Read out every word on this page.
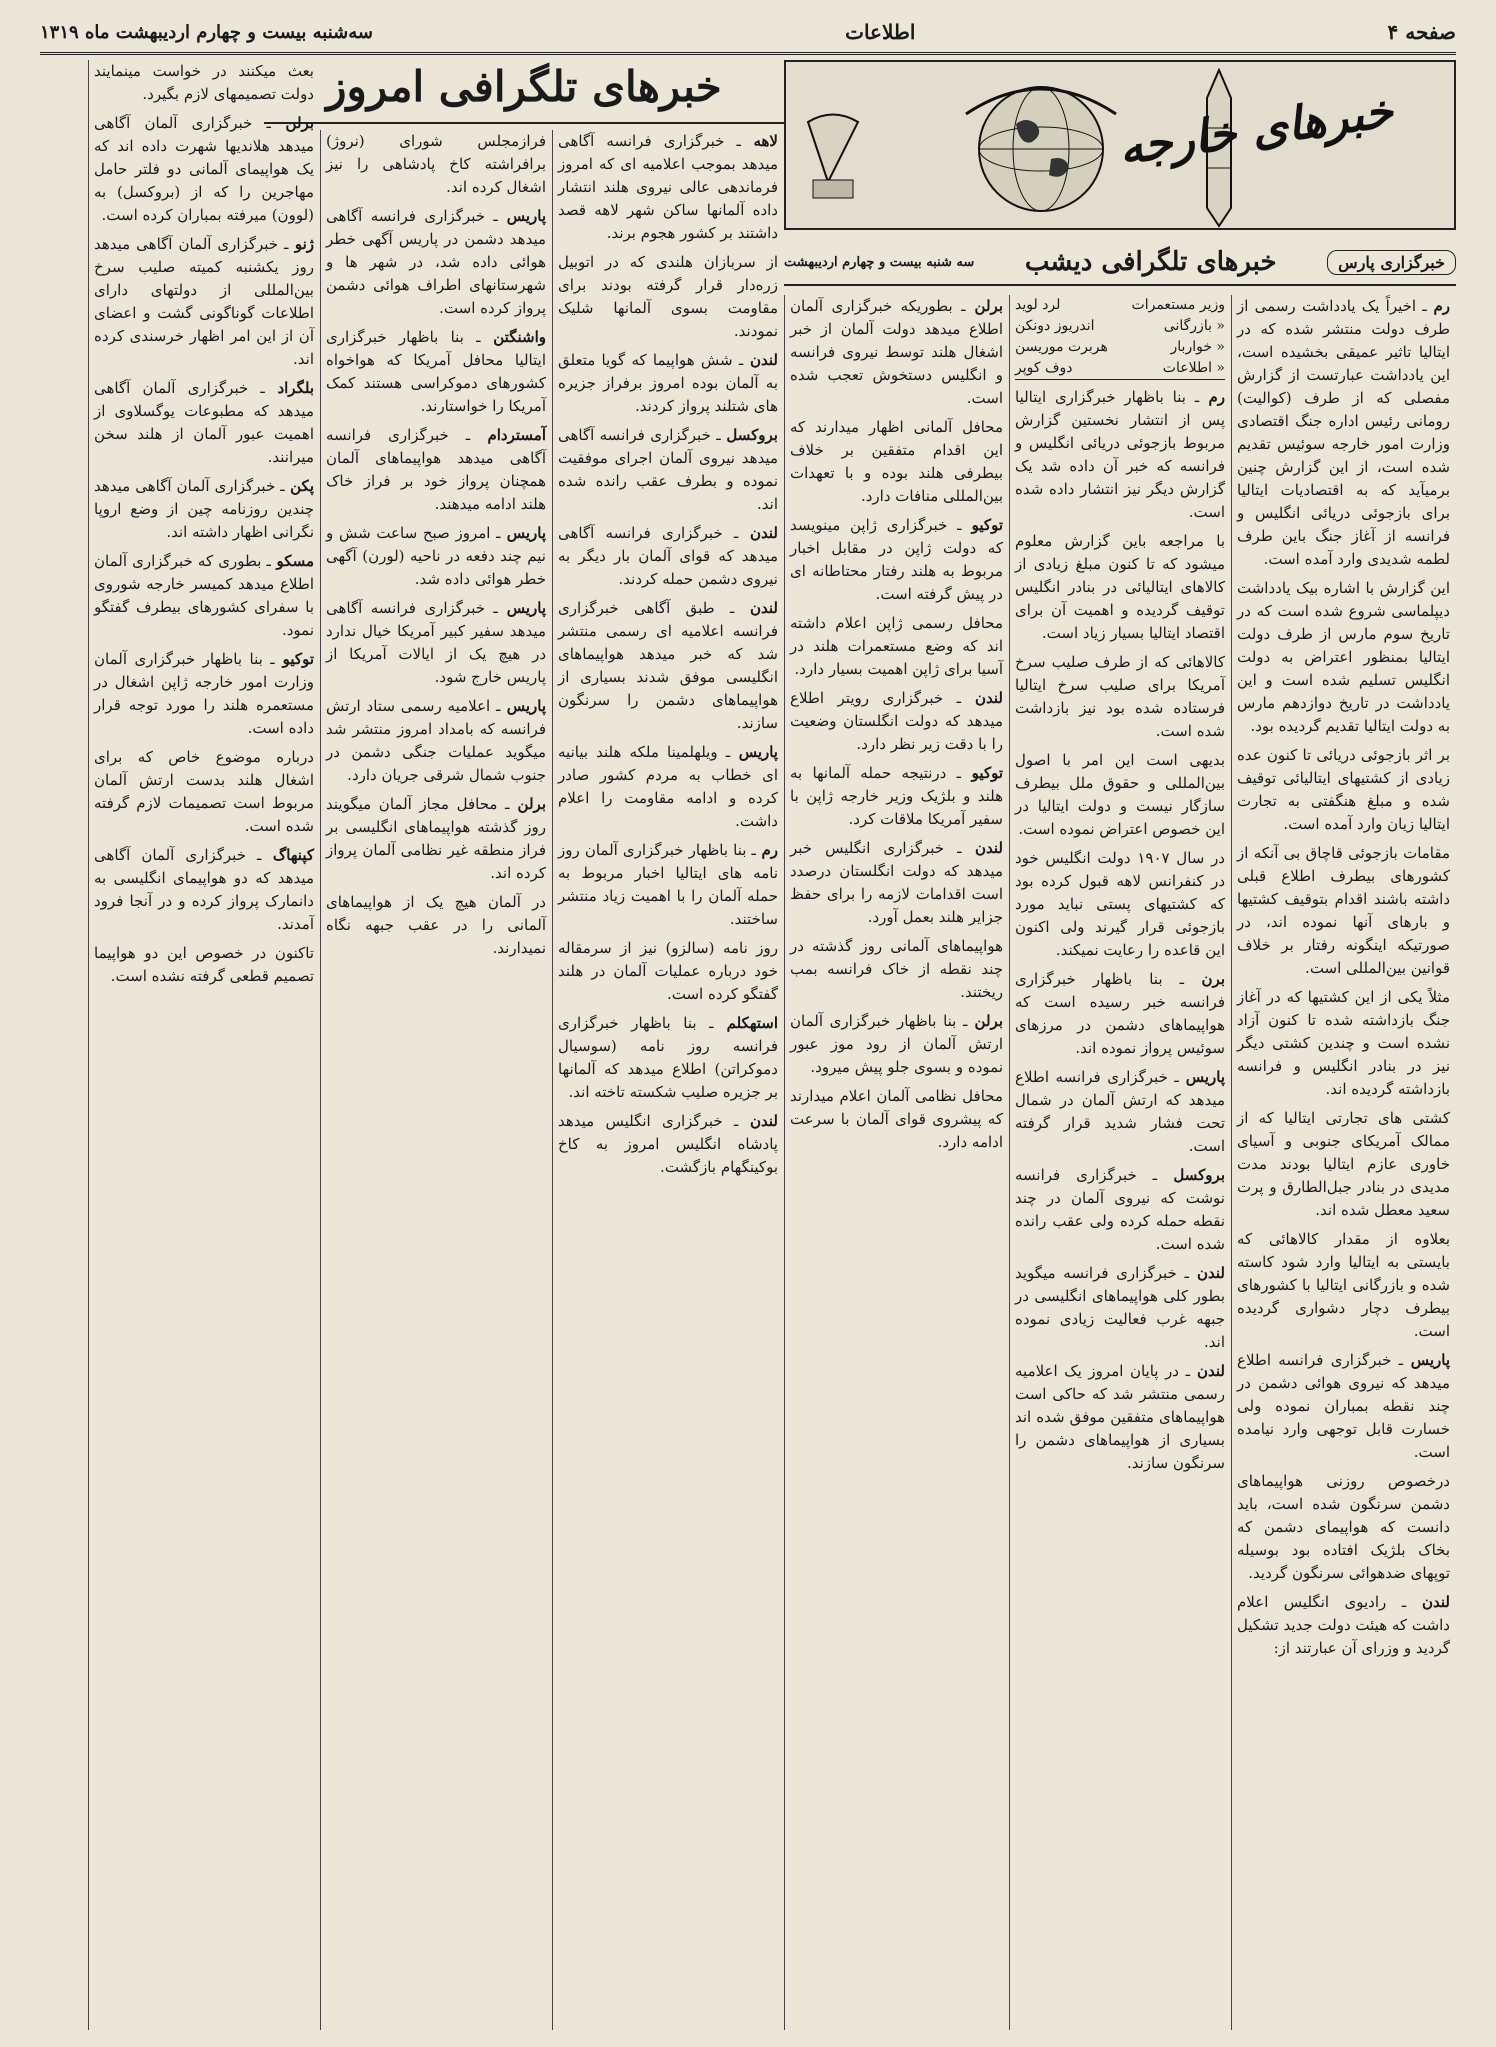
صفحه ۴
اطلاعات
سه‌شنبه بیست و چهارم اردیبهشت ماه ۱۳۱۹
خبرهای خارجه
خبرگزاری پارس
خبرهای تلگرافی دیشب
سه شنبه بیست و چهارم اردیبهشت
خبرهای تلگرافی امروز

رم ـ اخیراً یک یادداشت رسمی از طرف دولت منتشر شده که در ایتالیا تاثیر عمیقی بخشیده است، این یادداشت عبارتست از گزارش مفصلی که از طرف (کوالیت) رومانی رئیس اداره جنگ اقتصادی وزارت امور خارجه سوئیس تقدیم شده است، از این گزارش چنین برمیآید که به اقتصادیات ایتالیا برای بازجوئی دریائی انگلیس و فرانسه از آغاز جنگ باین طرف لطمه شدیدی وارد آمده است.

این گزارش با اشاره بیک یادداشت دیپلماسی شروع شده است که در تاریخ سوم مارس از طرف دولت ایتالیا بمنظور اعتراض به دولت انگلیس تسلیم شده است و این یادداشت در تاریخ دوازدهم مارس به دولت ایتالیا تقدیم گردیده بود.

بر اثر بازجوئی دریائی تا کنون عده زیادی از کشتیهای ایتالیائی توقیف شده و مبلغ هنگفتی به تجارت ایتالیا زیان وارد آمده است.

مقامات بازجوئی قاچاق بی آنکه از کشورهای بیطرف اطلاع قبلی داشته باشند اقدام بتوقیف کشتیها و بارهای آنها نموده اند، در صورتیکه اینگونه رفتار بر خلاف قوانین بین‌المللی است.

مثلاً یکی از این کشتیها که در آغاز جنگ بازداشته شده تا کنون آزاد نشده است و چندین کشتی دیگر نیز در بنادر انگلیس و فرانسه بازداشته گردیده اند.

کشتی های تجارتی ایتالیا که از ممالک آمریکای جنوبی و آسیای خاوری عازم ایتالیا بودند مدت مدیدی در بنادر جبل‌الطارق و پرت سعید معطل شده اند.

بعلاوه از مقدار کالاهائی که بایستی به ایتالیا وارد شود کاسته شده و بازرگانی ایتالیا با کشورهای بیطرف دچار دشواری گردیده است.

پاریس ـ خبرگزاری فرانسه اطلاع میدهد که نیروی هوائی دشمن در چند نقطه بمباران نموده ولی خسارت قابل توجهی وارد نیامده است.

درخصوص روزنی هواپیماهای دشمن سرنگون شده است، باید دانست که هواپیمای دشمن که بخاک بلژیک افتاده بود بوسیله توپهای ضدهوائی سرنگون گردید.

لندن ـ رادیوی انگلیس اعلام داشت که هیئت دولت جدید تشکیل گردید و وزرای آن عبارتند از:

وزیر مستعمرات
لرد لوید
« بازرگانی
اندریوز دونکن
« خواربار
هربرت موریسن
« اطلاعات
دوف کوپر

رم ـ بنا باظهار خبرگزاری ایتالیا پس از انتشار نخستین گزارش مربوط بازجوئی دریائی انگلیس و فرانسه که خبر آن داده شد یک گزارش دیگر نیز انتشار داده شده است.

با مراجعه باین گزارش معلوم میشود که تا کنون مبلغ زیادی از کالاهای ایتالیائی در بنادر انگلیس توقیف گردیده و اهمیت آن برای اقتصاد ایتالیا بسیار زیاد است.

کالاهائی که از طرف صلیب سرخ آمریکا برای صلیب سرخ ایتالیا فرستاده شده بود نیز بازداشت شده است.

بدیهی است این امر با اصول بین‌المللی و حقوق ملل بیطرف سازگار نیست و دولت ایتالیا در این خصوص اعتراض نموده است.

در سال ۱۹۰۷ دولت انگلیس خود در کنفرانس لاهه قبول کرده بود که کشتیهای پستی نباید مورد بازجوئی قرار گیرند ولی اکنون این قاعده را رعایت نمیکند.

برن ـ بنا باظهار خبرگزاری فرانسه خبر رسیده است که هواپیماهای دشمن در مرزهای سوئیس پرواز نموده اند.

پاریس ـ خبرگزاری فرانسه اطلاع میدهد که ارتش آلمان در شمال تحت فشار شدید قرار گرفته است.

بروکسل ـ خبرگزاری فرانسه نوشت که نیروی آلمان در چند نقطه حمله کرده ولی عقب رانده شده است.

لندن ـ خبرگزاری فرانسه میگوید بطور کلی هواپیماهای انگلیسی در جبهه غرب فعالیت زیادی نموده اند.

لندن ـ در پایان امروز یک اعلامیه رسمی منتشر شد که حاکی است هواپیماهای متفقین موفق شده اند بسیاری از هواپیماهای دشمن را سرنگون سازند.

برلن ـ بطوریکه خبرگزاری آلمان اطلاع میدهد دولت آلمان از خبر اشغال هلند توسط نیروی فرانسه و انگلیس دستخوش تعجب شده است.

محافل آلمانی اظهار میدارند که این اقدام متفقین بر خلاف بیطرفی هلند بوده و با تعهدات بین‌المللی منافات دارد.

توکیو ـ خبرگزاری ژاپن مینویسد که دولت ژاپن در مقابل اخبار مربوط به هلند رفتار محتاطانه ای در پیش گرفته است.

محافل رسمی ژاپن اعلام داشته اند که وضع مستعمرات هلند در آسیا برای ژاپن اهمیت بسیار دارد.

لندن ـ خبرگزاری رویتر اطلاع میدهد که دولت انگلستان وضعیت را با دقت زیر نظر دارد.

توکیو ـ درنتیجه حمله آلمانها به هلند و بلژیک وزیر خارجه ژاپن با سفیر آمریکا ملاقات کرد.

لندن ـ خبرگزاری انگلیس خبر میدهد که دولت انگلستان درصدد است اقدامات لازمه را برای حفظ جزایر هلند بعمل آورد.

هواپیماهای آلمانی روز گذشته در چند نقطه از خاک فرانسه بمب ریختند.

برلن ـ بنا باظهار خبرگزاری آلمان ارتش آلمان از رود موز عبور نموده و بسوی جلو پیش میرود.

محافل نظامی آلمان اعلام میدارند که پیشروی قوای آلمان با سرعت ادامه دارد.

لاهه ـ خبرگزاری فرانسه آگاهی میدهد بموجب اعلامیه ای که امروز فرماندهی عالی نیروی هلند انتشار داده آلمانها ساکن شهر لاهه قصد داشتند بر کشور هجوم برند.

از سربازان هلندی که در اتوبیل زره‌دار قرار گرفته بودند برای مقاومت بسوی آلمانها شلیک نمودند.

لندن ـ شش هواپیما که گویا متعلق به آلمان بوده امروز برفراز جزیره های شتلند پرواز کردند.

بروکسل ـ خبرگزاری فرانسه آگاهی میدهد نیروی آلمان اجرای موفقیت نموده و بطرف عقب رانده شده اند.

لندن ـ خبرگزاری فرانسه آگاهی میدهد که قوای آلمان بار دیگر به نیروی دشمن حمله کردند.

لندن ـ طبق آگاهی خبرگزاری فرانسه اعلامیه ای رسمی منتشر شد که خبر میدهد هواپیماهای انگلیسی موفق شدند بسیاری از هواپیماهای دشمن را سرنگون سازند.

پاریس ـ ویلهلمینا ملکه هلند بیانیه ای خطاب به مردم کشور صادر کرده و ادامه مقاومت را اعلام داشت.

رم ـ بنا باظهار خبرگزاری آلمان روز نامه های ایتالیا اخبار مربوط به حمله آلمان را با اهمیت زیاد منتشر ساختند.

روز نامه (سالزو) نیز از سرمقاله خود درباره عملیات آلمان در هلند گفتگو کرده است.

استهکلم ـ بنا باظهار خبرگزاری فرانسه روز نامه (سوسیال دموکراتن) اطلاع میدهد که آلمانها بر جزیره صلیب شکسته تاخته اند.

لندن ـ خبرگزاری انگلیس میدهد پادشاه انگلیس امروز به کاخ بوکینگهام بازگشت.

فرازمجلس شورای (نروژ) برافراشته کاخ پادشاهی را نیز اشغال کرده اند.

پاریس ـ خبرگزاری فرانسه آگاهی میدهد دشمن در پاریس آگهی خطر هوائی داده شد، در شهر ها و شهرستانهای اطراف هوائی دشمن پرواز کرده است.

واشنگتن ـ بنا باظهار خبرگزاری ایتالیا محافل آمریکا که هواخواه کشورهای دموکراسی هستند کمک آمریکا را خواستارند.

آمستردام ـ خبرگزاری فرانسه آگاهی میدهد هواپیماهای آلمان همچنان پرواز خود بر فراز خاک هلند ادامه میدهند.

پاریس ـ امروز صبح ساعت شش و نیم چند دفعه در ناحیه (لورن) آگهی خطر هوائی داده شد.

پاریس ـ خبرگزاری فرانسه آگاهی میدهد سفیر کبیر آمریکا خیال ندارد در هیچ یک از ایالات آمریکا از پاریس خارج شود.

پاریس ـ اعلامیه رسمی ستاد ارتش فرانسه که بامداد امروز منتشر شد میگوید عملیات جنگی دشمن در جنوب شمال شرقی جریان دارد.

برلن ـ محافل مجاز آلمان میگویند روز گذشته هواپیماهای انگلیسی بر فراز منطقه غیر نظامی آلمان پرواز کرده اند.

در آلمان هیچ یک از هواپیماهای آلمانی را در عقب جبهه نگاه نمیدارند.

بعث میکنند در خواست مینمایند دولت تصمیمهای لازم بگیرد.

برلن ـ خبرگزاری آلمان آگاهی میدهد هلاندیها شهرت داده اند که یک هواپیمای آلمانی دو فلتر حامل مهاجرین را که از (بروکسل) به (لوون) میرفته بمباران کرده است.

ژنو ـ خبرگزاری آلمان آگاهی میدهد روز یکشنبه کمیته صلیب سرخ بین‌المللی از دولتهای دارای اطلاعات گوناگونی گشت و اعضای آن از این امر اظهار خرسندی کرده اند.

بلگراد ـ خبرگزاری آلمان آگاهی میدهد که مطبوعات یوگسلاوی از اهمیت عبور آلمان از هلند سخن میرانند.

پکن ـ خبرگزاری آلمان آگاهی میدهد چندین روزنامه چین از وضع اروپا نگرانی اظهار داشته اند.

مسکو ـ بطوری که خبرگزاری آلمان اطلاع میدهد کمیسر خارجه شوروی با سفرای کشورهای بیطرف گفتگو نمود.

توکیو ـ بنا باظهار خبرگزاری آلمان وزارت امور خارجه ژاپن اشغال در مستعمره هلند را مورد توجه قرار داده است.

درباره موضوع خاص که برای اشغال هلند بدست ارتش آلمان مربوط است تصمیمات لازم گرفته شده است.

کپنهاگ ـ خبرگزاری آلمان آگاهی میدهد که دو هواپیمای انگلیسی به دانمارک پرواز کرده و در آنجا فرود آمدند.

تاکنون در خصوص این دو هواپیما تصمیم قطعی گرفته نشده است.
